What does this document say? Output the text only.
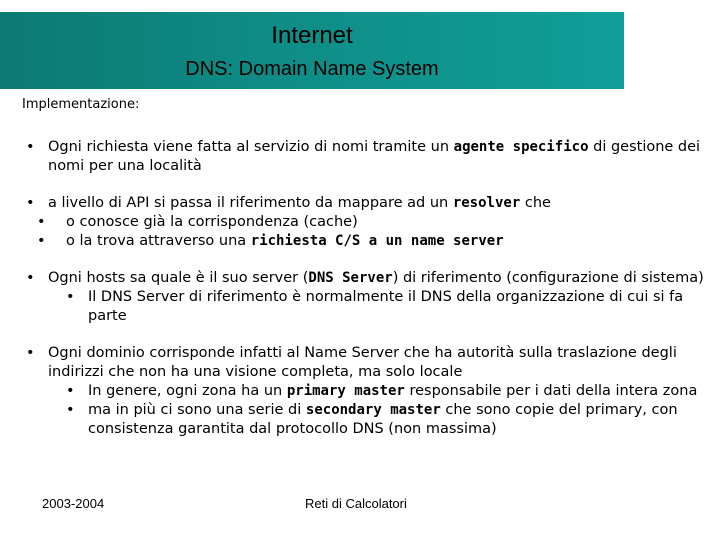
Internet
DNS: Domain Name System
Implementazione:
• Ogni richiesta viene fatta al servizio di nomi tramite un agente specifico di gestione dei nomi per una località
• a livello di API si passa il riferimento da mappare ad un resolver che
• o conosce già la corrispondenza (cache)
• o la trova attraverso una richiesta C/S a un name server
• Ogni hosts sa quale è il suo server (DNS Server) di riferimento (configurazione di sistema)
• Il DNS Server di riferimento è normalmente il DNS della organizzazione di cui si fa parte
• Ogni dominio corrisponde infatti al Name Server che ha autorità sulla traslazione degli indirizzi che non ha una visione completa, ma solo locale
• In genere, ogni zona ha un primary master responsabile per i dati della intera zona
• ma in più ci sono una serie di secondary master che sono copie del primary, con consistenza garantita dal protocollo DNS (non massima)
2003-2004	Reti di Calcolatori
